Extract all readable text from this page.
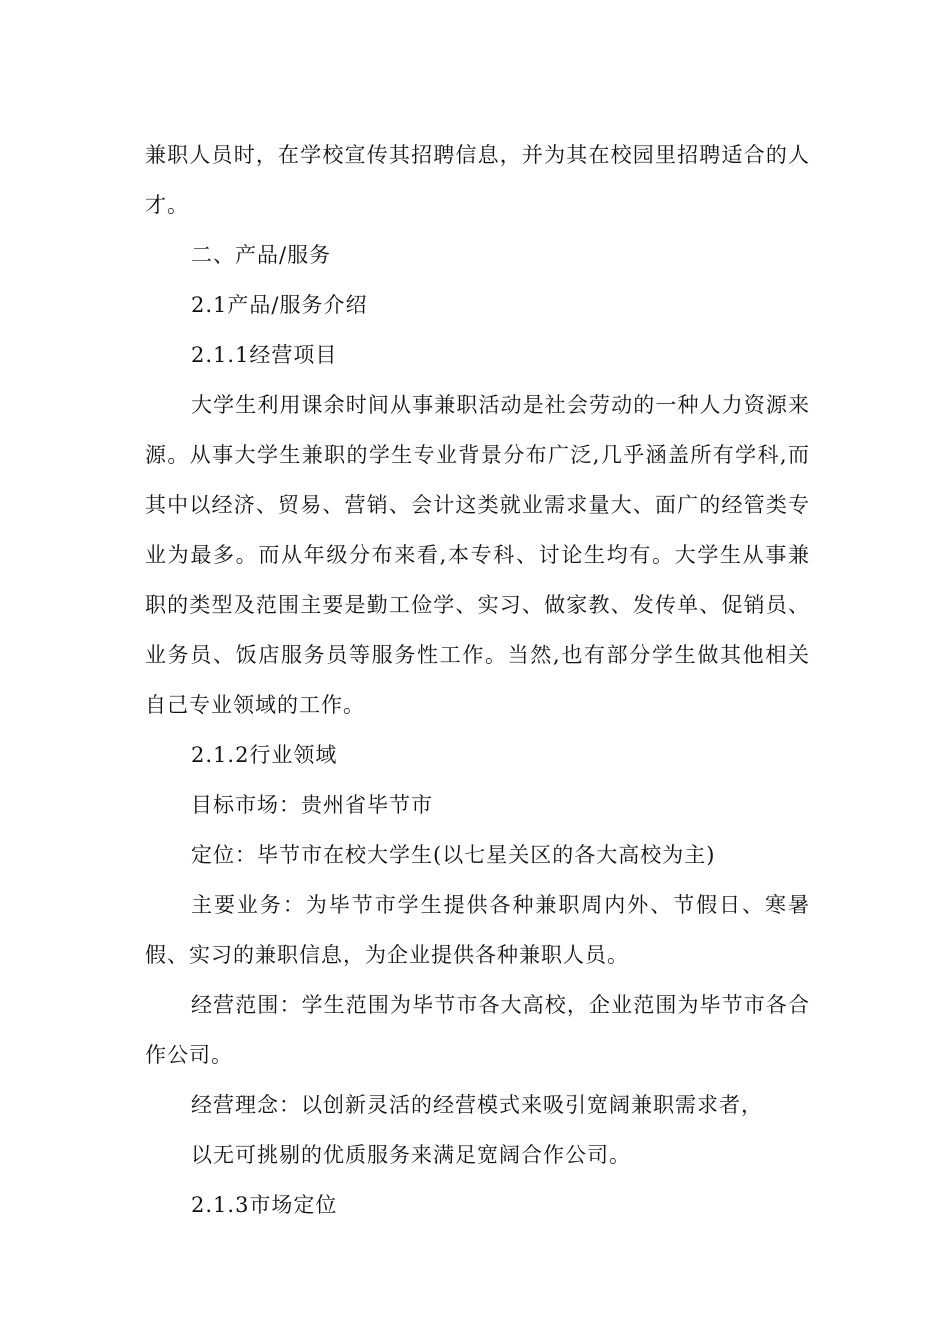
兼职人员时，在学校宣传其招聘信息，并为其在校园里招聘适合的人才。

二、产品/服务

2.1产品/服务介绍

2.1.1经营项目

大学生利用课余时间从事兼职活动是社会劳动的一种人力资源来源。从事大学生兼职的学生专业背景分布广泛,几乎涵盖所有学科,而其中以经济、贸易、营销、会计这类就业需求量大、面广的经管类专业为最多。而从年级分布来看,本专科、讨论生均有。大学生从事兼职的类型及范围主要是勤工俭学、实习、做家教、发传单、促销员、业务员、饭店服务员等服务性工作。当然,也有部分学生做其他相关自己专业领域的工作。

2.1.2行业领域

目标市场：贵州省毕节市

定位：毕节市在校大学生(以七星关区的各大高校为主)

主要业务：为毕节市学生提供各种兼职周内外、节假日、寒暑假、实习的兼职信息，为企业提供各种兼职人员。

经营范围：学生范围为毕节市各大高校，企业范围为毕节市各合作公司。

经营理念：以创新灵活的经营模式来吸引宽阔兼职需求者，

以无可挑剔的优质服务来满足宽阔合作公司。

2.1.3市场定位
